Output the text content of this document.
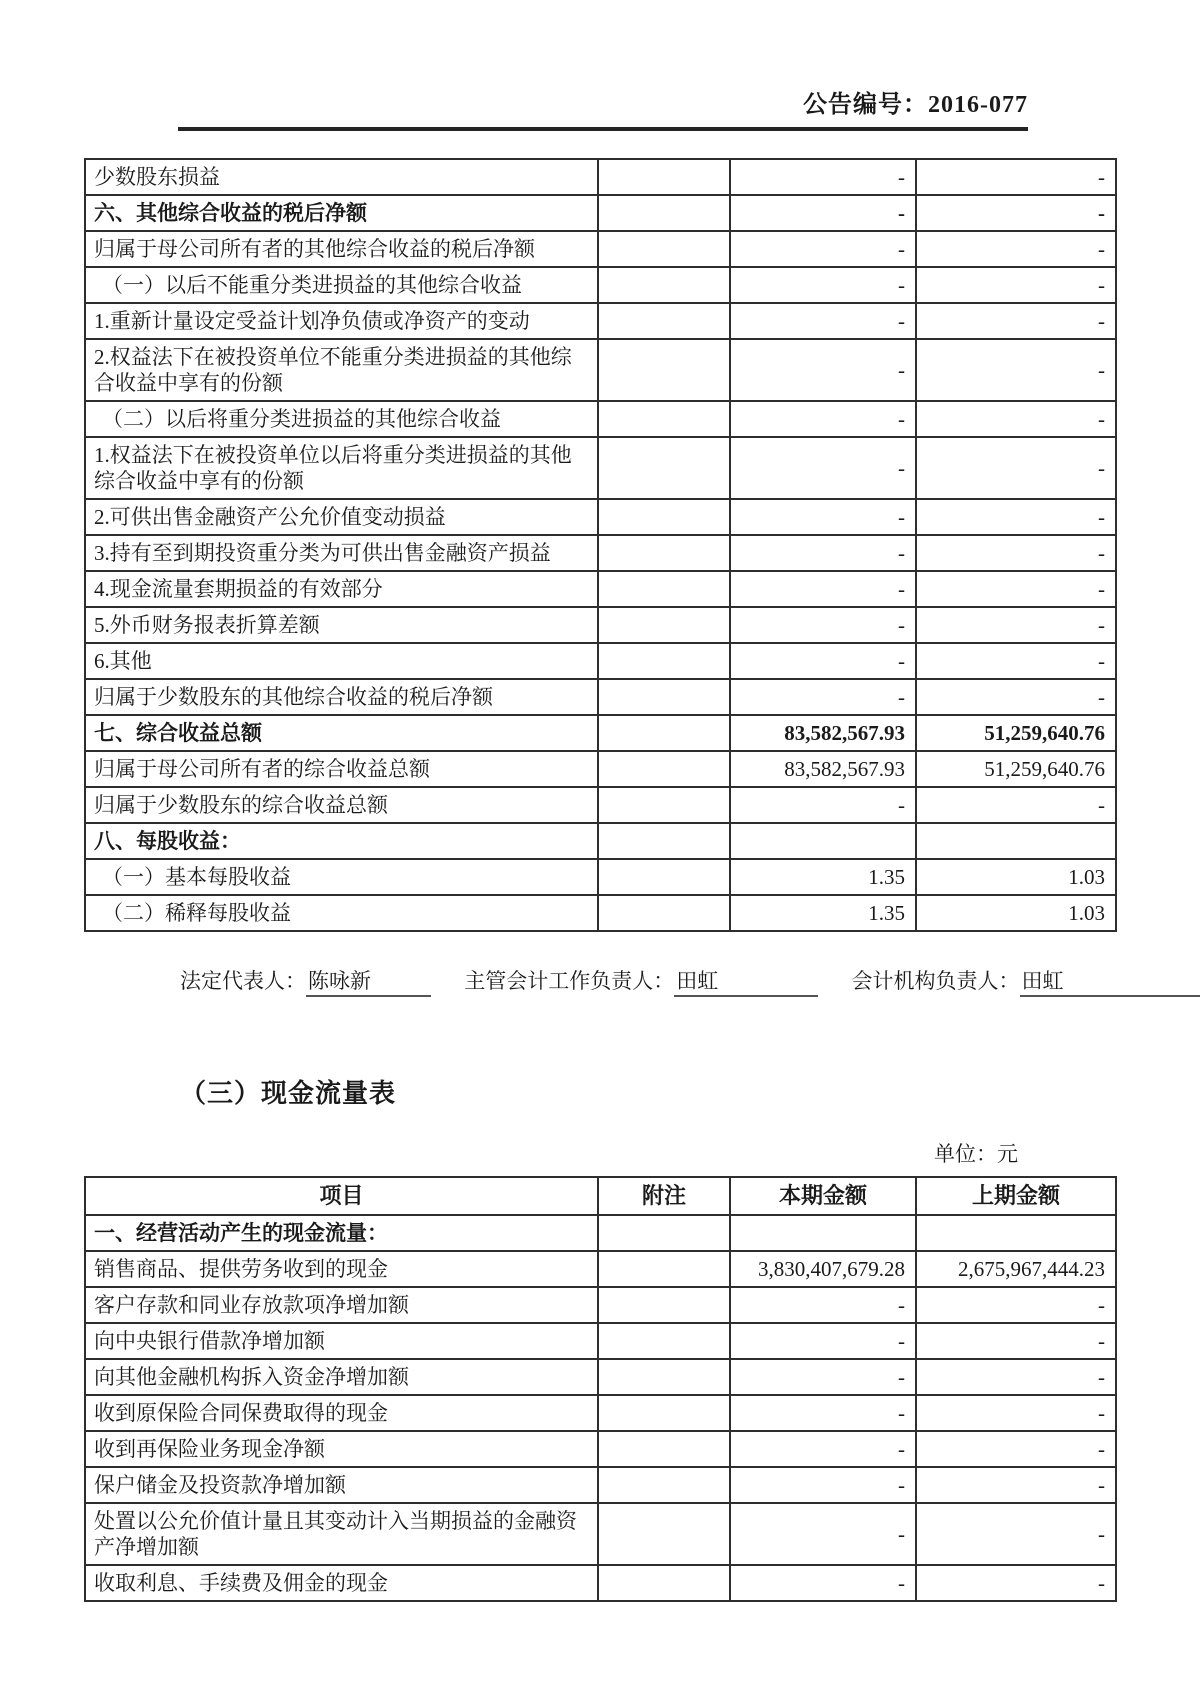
公告编号：2016-077
少数股东损益		-	-
六、其他综合收益的税后净额		-	-
归属于母公司所有者的其他综合收益的税后净额		-	-
（一）以后不能重分类进损益的其他综合收益		-	-
1.重新计量设定受益计划净负债或净资产的变动		-	-
2.权益法下在被投资单位不能重分类进损益的其他综合收益中享有的份额		-	-
（二）以后将重分类进损益的其他综合收益		-	-
1.权益法下在被投资单位以后将重分类进损益的其他综合收益中享有的份额		-	-
2.可供出售金融资产公允价值变动损益		-	-
3.持有至到期投资重分类为可供出售金融资产损益		-	-
4.现金流量套期损益的有效部分		-	-
5.外币财务报表折算差额		-	-
6.其他		-	-
归属于少数股东的其他综合收益的税后净额		-	-
七、综合收益总额		83,582,567.93	51,259,640.76
归属于母公司所有者的综合收益总额		83,582,567.93	51,259,640.76
归属于少数股东的综合收益总额		-	-
八、每股收益：			
（一）基本每股收益		1.35	1.03
（二）稀释每股收益		1.35	1.03
法定代表人：陈咏新	主管会计工作负责人：田虹	会计机构负责人：田虹
（三）现金流量表
单位：元
项目	附注	本期金额	上期金额
一、经营活动产生的现金流量：			
销售商品、提供劳务收到的现金		3,830,407,679.28	2,675,967,444.23
客户存款和同业存放款项净增加额		-	-
向中央银行借款净增加额		-	-
向其他金融机构拆入资金净增加额		-	-
收到原保险合同保费取得的现金		-	-
收到再保险业务现金净额		-	-
保户储金及投资款净增加额		-	-
处置以公允价值计量且其变动计入当期损益的金融资产净增加额		-	-
收取利息、手续费及佣金的现金		-	-
